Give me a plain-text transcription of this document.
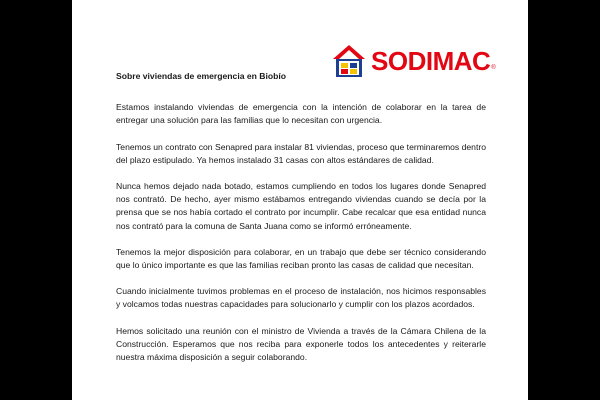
SODIMAC ®
Sobre viviendas de emergencia en Biobío

Estamos instalando viviendas de emergencia con la intención de colaborar en la tarea de entregar una solución para las familias que lo necesitan con urgencia.

Tenemos un contrato con Senapred para instalar 81 viviendas, proceso que terminaremos dentro del plazo estipulado. Ya hemos instalado 31 casas con altos estándares de calidad.

Nunca hemos dejado nada botado, estamos cumpliendo en todos los lugares donde Senapred nos contrató. De hecho, ayer mismo estábamos entregando viviendas cuando se decía por la prensa que se nos había cortado el contrato por incumplir. Cabe recalcar que esa entidad nunca nos contrató para la comuna de Santa Juana como se informó erróneamente.

Tenemos la mejor disposición para colaborar, en un trabajo que debe ser técnico considerando que lo único importante es que las familias reciban pronto las casas de calidad que necesitan.

Cuando inicialmente tuvimos problemas en el proceso de instalación, nos hicimos responsables y volcamos todas nuestras capacidades para solucionarlo y cumplir con los plazos acordados.

Hemos solicitado una reunión con el ministro de Vivienda a través de la Cámara Chilena de la Construcción. Esperamos que nos reciba para exponerle todos los antecedentes y reiterarle nuestra máxima disposición a seguir colaborando.
